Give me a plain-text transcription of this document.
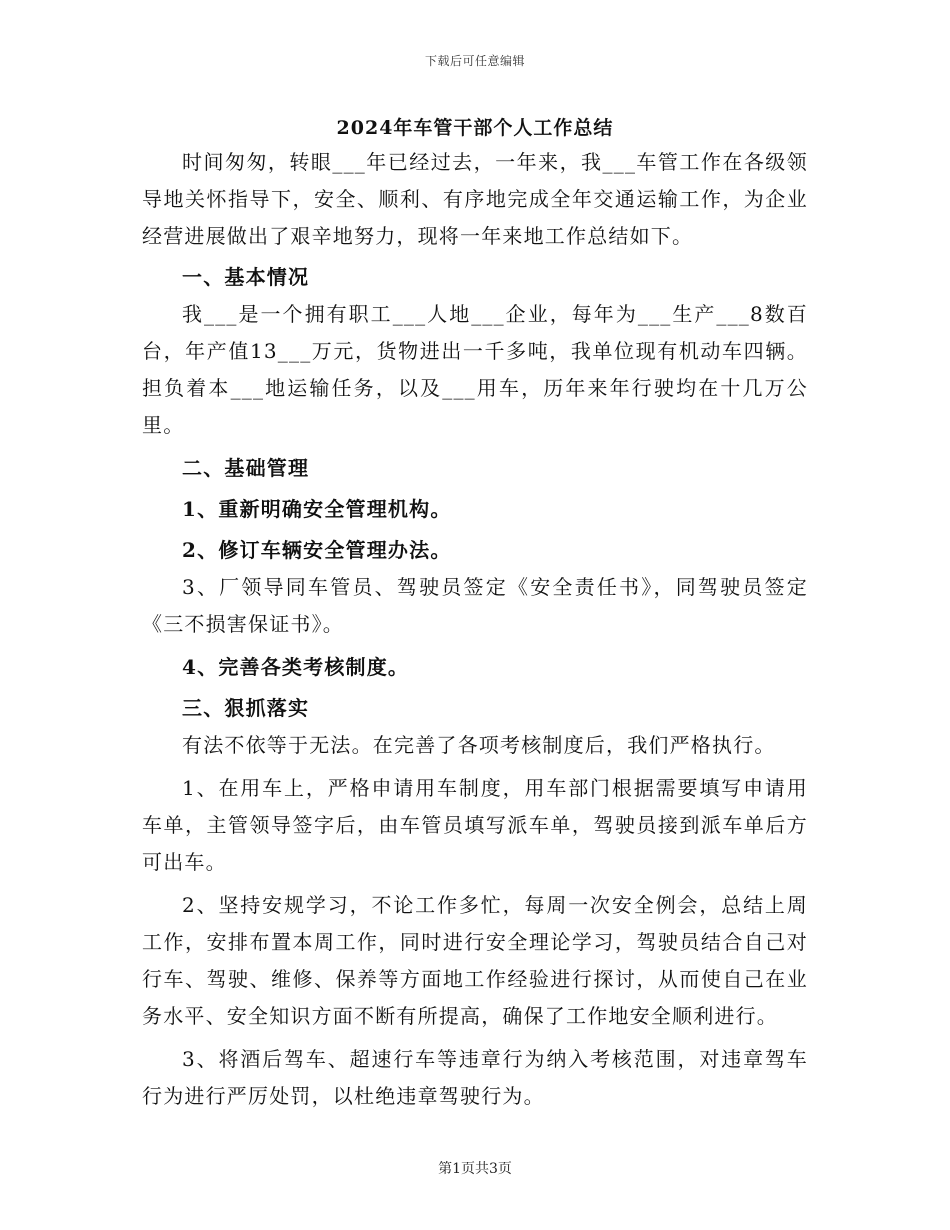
下载后可任意编辑
2024年车管干部个人工作总结

时间匆匆，转眼___年已经过去，一年来，我___车管工作在各级领导地关怀指导下，安全、顺利、有序地完成全年交通运输工作，为企业经营进展做出了艰辛地努力，现将一年来地工作总结如下。

一、基本情况

我___是一个拥有职工___人地___企业，每年为___生产___8数百台，年产值13___万元，货物进出一千多吨，我单位现有机动车四辆。担负着本___地运输任务，以及___用车，历年来年行驶均在十几万公里。

二、基础管理

1、重新明确安全管理机构。

2、修订车辆安全管理办法。

3、厂领导同车管员、驾驶员签定《安全责任书》，同驾驶员签定《三不损害保证书》。

4、完善各类考核制度。

三、狠抓落实

有法不依等于无法。在完善了各项考核制度后，我们严格执行。

1、在用车上，严格申请用车制度，用车部门根据需要填写申请用车单，主管领导签字后，由车管员填写派车单，驾驶员接到派车单后方可出车。

2、坚持安规学习，不论工作多忙，每周一次安全例会，总结上周工作，安排布置本周工作，同时进行安全理论学习，驾驶员结合自己对行车、驾驶、维修、保养等方面地工作经验进行探讨，从而使自己在业务水平、安全知识方面不断有所提高，确保了工作地安全顺利进行。

3、将酒后驾车、超速行车等违章行为纳入考核范围，对违章驾车行为进行严厉处罚，以杜绝违章驾驶行为。

第1页共3页
